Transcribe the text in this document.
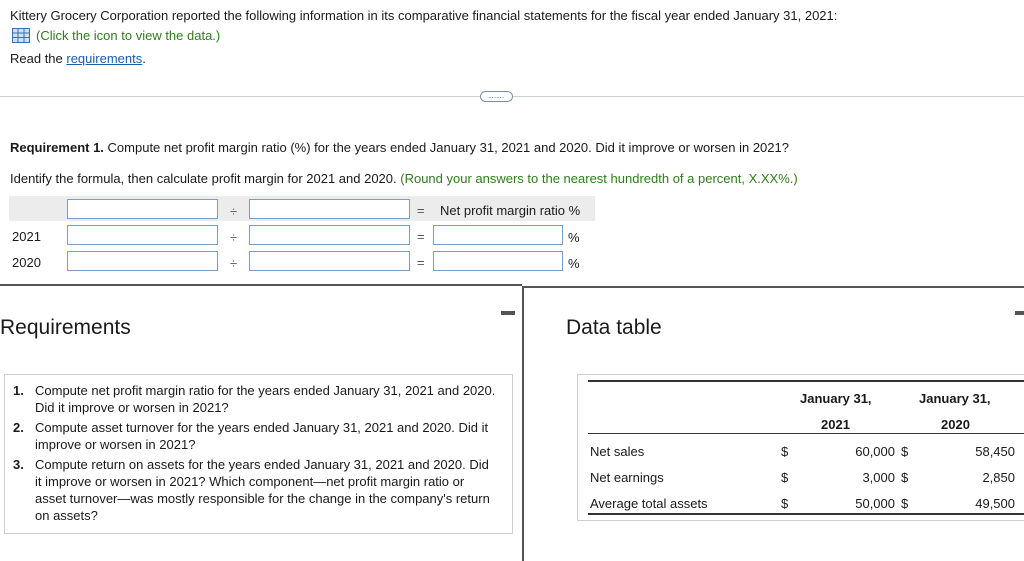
Kittery Grocery Corporation reported the following information in its comparative financial statements for the fiscal year ended January 31, 2021:
(Click the icon to view the data.)
Read the requirements.
……
Requirement 1. Compute net profit margin ratio (%) for the years ended January 31, 2021 and 2020. Did it improve or worsen in 2021?
Identify the formula, then calculate profit margin for 2021 and 2020. (Round your answers to the nearest hundredth of a percent, X.XX%.)
÷	= Net profit margin ratio %
2021	÷	=	%
2020	÷	=	%
Requirements
1. Compute net profit margin ratio for the years ended January 31, 2021 and 2020. Did it improve or worsen in 2021?
2. Compute asset turnover for the years ended January 31, 2021 and 2020. Did it improve or worsen in 2021?
3. Compute return on assets for the years ended January 31, 2021 and 2020. Did it improve or worsen in 2021? Which component—net profit margin ratio or asset turnover—was mostly responsible for the change in the company's return on assets?
Data table
January 31,
2021
January 31,
2020
Net sales	$	60,000 $	58,450
Net earnings	$	3,000 $	2,850
Average total assets	$	50,000 $	49,500
